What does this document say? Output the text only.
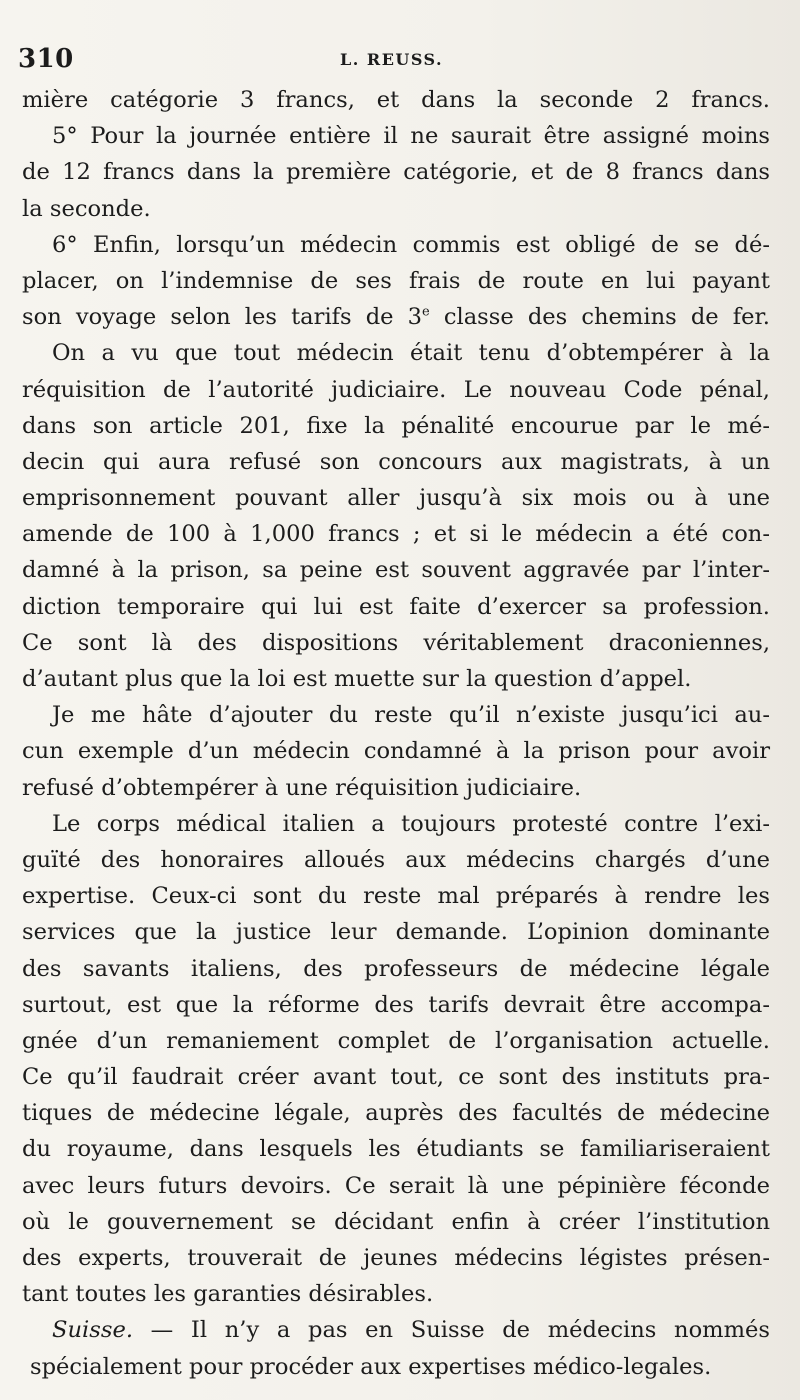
310	L. REUSS.
mière catégorie 3 francs, et dans la seconde 2 francs.
5° Pour la journée entière il ne saurait être assigné moins
de 12 francs dans la première catégorie, et de 8 francs dans
la seconde.
6° Enfin, lorsqu’un médecin commis est obligé de se dé-
placer, on l’indemnise de ses frais de route en lui payant
son voyage selon les tarifs de 3e classe des chemins de fer.
On a vu que tout médecin était tenu d’obtempérer à la
réquisition de l’autorité judiciaire. Le nouveau Code pénal,
dans son article 201, fixe la pénalité encourue par le mé-
decin qui aura refusé son concours aux magistrats, à un
emprisonnement pouvant aller jusqu’à six mois ou à une
amende de 100 à 1,000 francs ; et si le médecin a été con-
damné à la prison, sa peine est souvent aggravée par l’inter-
diction temporaire qui lui est faite d’exercer sa profession.
Ce sont là des dispositions véritablement draconiennes,
d’autant plus que la loi est muette sur la question d’appel.
Je me hâte d’ajouter du reste qu’il n’existe jusqu’ici au-
cun exemple d’un médecin condamné à la prison pour avoir
refusé d’obtempérer à une réquisition judiciaire.
Le corps médical italien a toujours protesté contre l’exi-
guïté des honoraires alloués aux médecins chargés d’une
expertise. Ceux-ci sont du reste mal préparés à rendre les
services que la justice leur demande. L’opinion dominante
des savants italiens, des professeurs de médecine légale
surtout, est que la réforme des tarifs devrait être accompa-
gnée d’un remaniement complet de l’organisation actuelle.
Ce qu’il faudrait créer avant tout, ce sont des instituts pra-
tiques de médecine légale, auprès des facultés de médecine
du royaume, dans lesquels les étudiants se familiariseraient
avec leurs futurs devoirs. Ce serait là une pépinière féconde
où le gouvernement se décidant enfin à créer l’institution
des experts, trouverait de jeunes médecins légistes présen-
tant toutes les garanties désirables.
Suisse. — Il n’y a pas en Suisse de médecins nommés
spécialement pour procéder aux expertises médico-legales.
